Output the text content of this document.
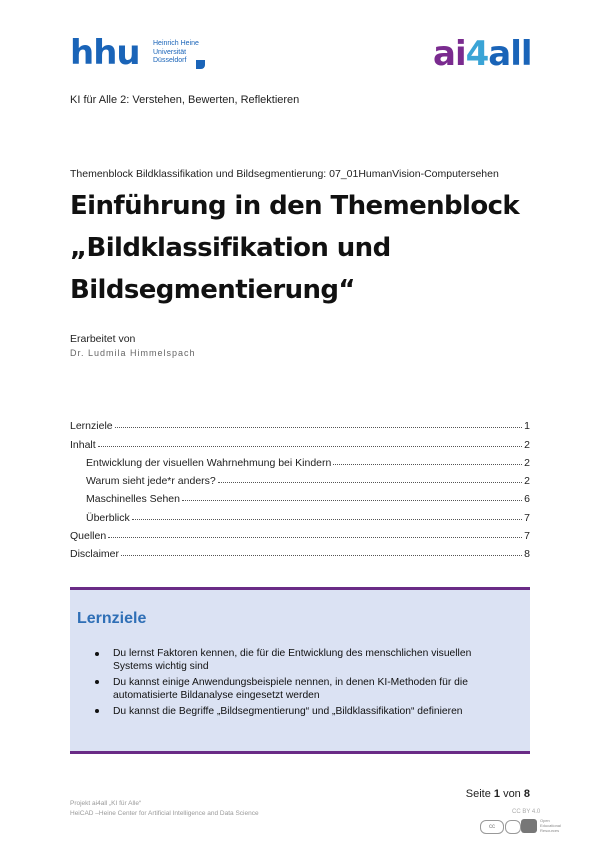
hhu Heinrich Heine
Universität
Düsseldorf	ai4all
KI für Alle 2: Verstehen, Bewerten, Reflektieren
Themenblock Bildklassifikation und Bildsegmentierung: 07_01HumanVision-Computersehen
Einführung in den Themenblock
„Bildklassifikation und
Bildsegmentierung“
Erarbeitet von
Dr. Ludmila Himmelspach
Lernziele	1
Inhalt	2
Entwicklung der visuellen Wahrnehmung bei Kindern	2
Warum sieht jede*r anders?	2
Maschinelles Sehen	6
Überblick	7
Quellen	7
Disclaimer	8
Lernziele
Du lernst Faktoren kennen, die für die Entwicklung des menschlichen visuellen Systems wichtig sind
Du kannst einige Anwendungsbeispiele nennen, in denen KI-Methoden für die automatisierte Bildanalyse eingesetzt werden
Du kannst die Begriffe „Bildsegmentierung“ und „Bildklassifikation“ definieren
Seite 1 von 8
Projekt ai4all „KI für Alle“
HeiCAD –Heine Center for Artificial Intelligence and Data Science	CC BY 4.0
cc
Open
Educational
Resources
